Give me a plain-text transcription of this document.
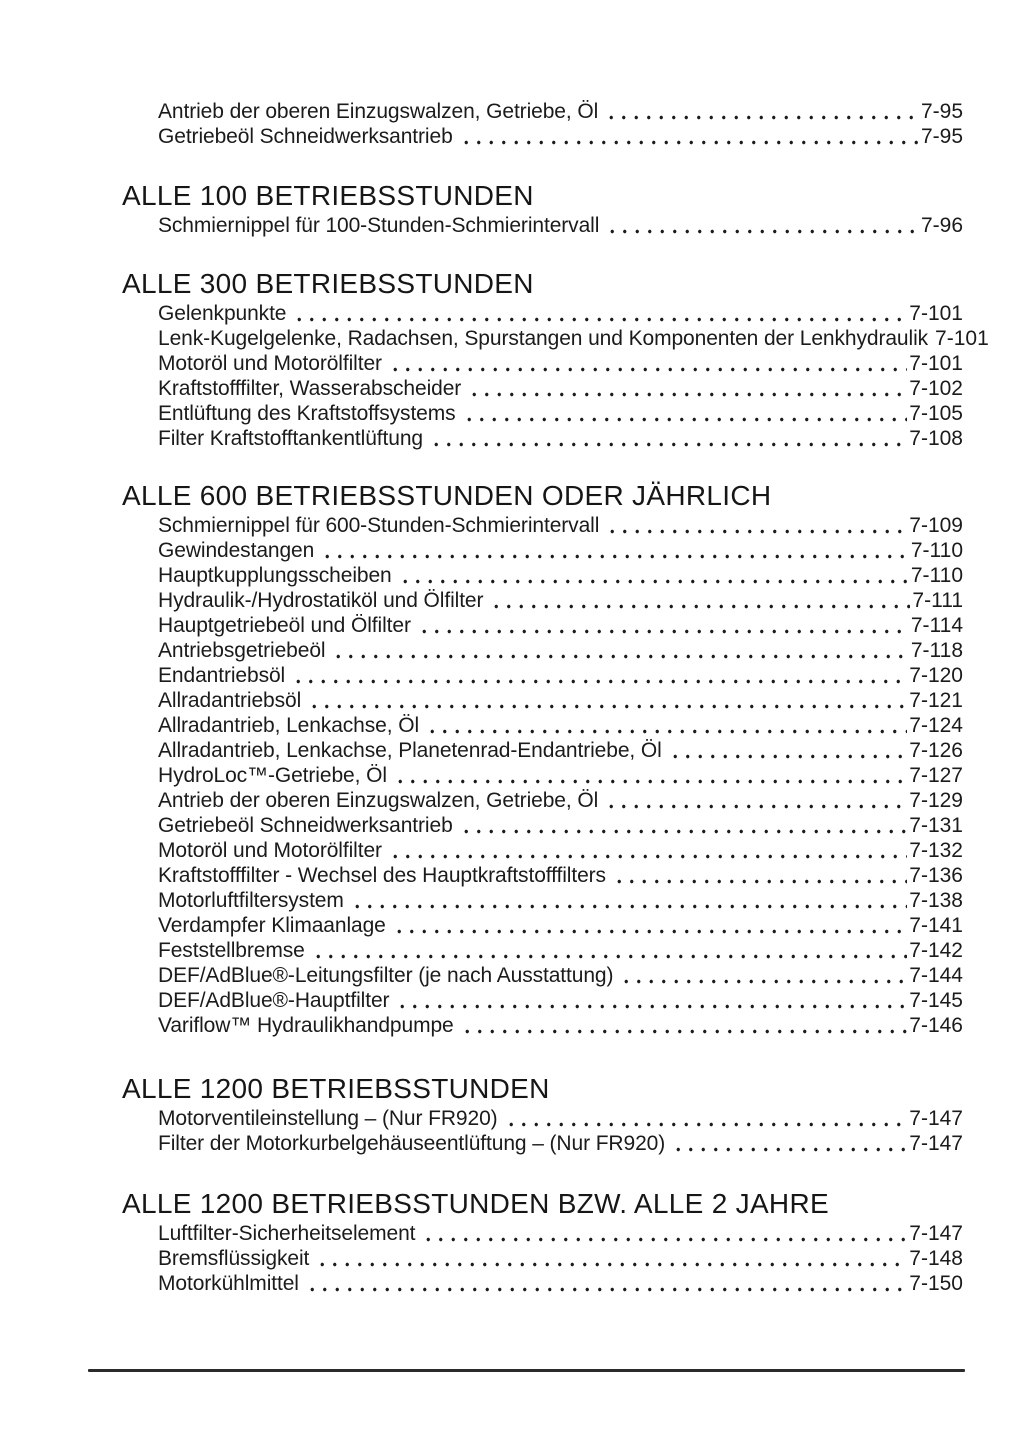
Antrieb der oberen Einzugswalzen, Getriebe, Öl	7-95
Getriebeöl Schneidwerksantrieb	7-95
ALLE 100 BETRIEBSSTUNDEN
Schmiernippel für 100-Stunden-Schmierintervall	7-96
ALLE 300 BETRIEBSSTUNDEN
Gelenkpunkte	7-101
Lenk-Kugelgelenke, Radachsen, Spurstangen und Komponenten der Lenkhydraulik 7-101
Motoröl und Motorölfilter	7-101
Kraftstofffilter, Wasserabscheider	7-102
Entlüftung des Kraftstoffsystems	7-105
Filter Kraftstofftankentlüftung	7-108
ALLE 600 BETRIEBSSTUNDEN ODER JÄHRLICH
Schmiernippel für 600-Stunden-Schmierintervall	7-109
Gewindestangen	7-110
Hauptkupplungsscheiben	7-110
Hydraulik-/Hydrostatiköl und Ölfilter	7-111
Hauptgetriebeöl und Ölfilter	7-114
Antriebsgetriebeöl	7-118
Endantriebsöl	7-120
Allradantriebsöl	7-121
Allradantrieb, Lenkachse, Öl	7-124
Allradantrieb, Lenkachse, Planetenrad-Endantriebe, Öl	7-126
HydroLoc™-Getriebe, Öl	7-127
Antrieb der oberen Einzugswalzen, Getriebe, Öl	7-129
Getriebeöl Schneidwerksantrieb	7-131
Motoröl und Motorölfilter	7-132
Kraftstofffilter - Wechsel des Hauptkraftstofffilters	7-136
Motorluftfiltersystem	7-138
Verdampfer Klimaanlage	7-141
Feststellbremse	7-142
DEF/AdBlue®-Leitungsfilter (je nach Ausstattung)	7-144
DEF/AdBlue®-Hauptfilter	7-145
Variflow™ Hydraulikhandpumpe	7-146
ALLE 1200 BETRIEBSSTUNDEN
Motorventileinstellung – (Nur FR920)	7-147
Filter der Motorkurbelgehäuseentlüftung – (Nur FR920)	7-147
ALLE 1200 BETRIEBSSTUNDEN BZW. ALLE 2 JAHRE
Luftfilter-Sicherheitselement	7-147
Bremsflüssigkeit	7-148
Motorkühlmittel	7-150
